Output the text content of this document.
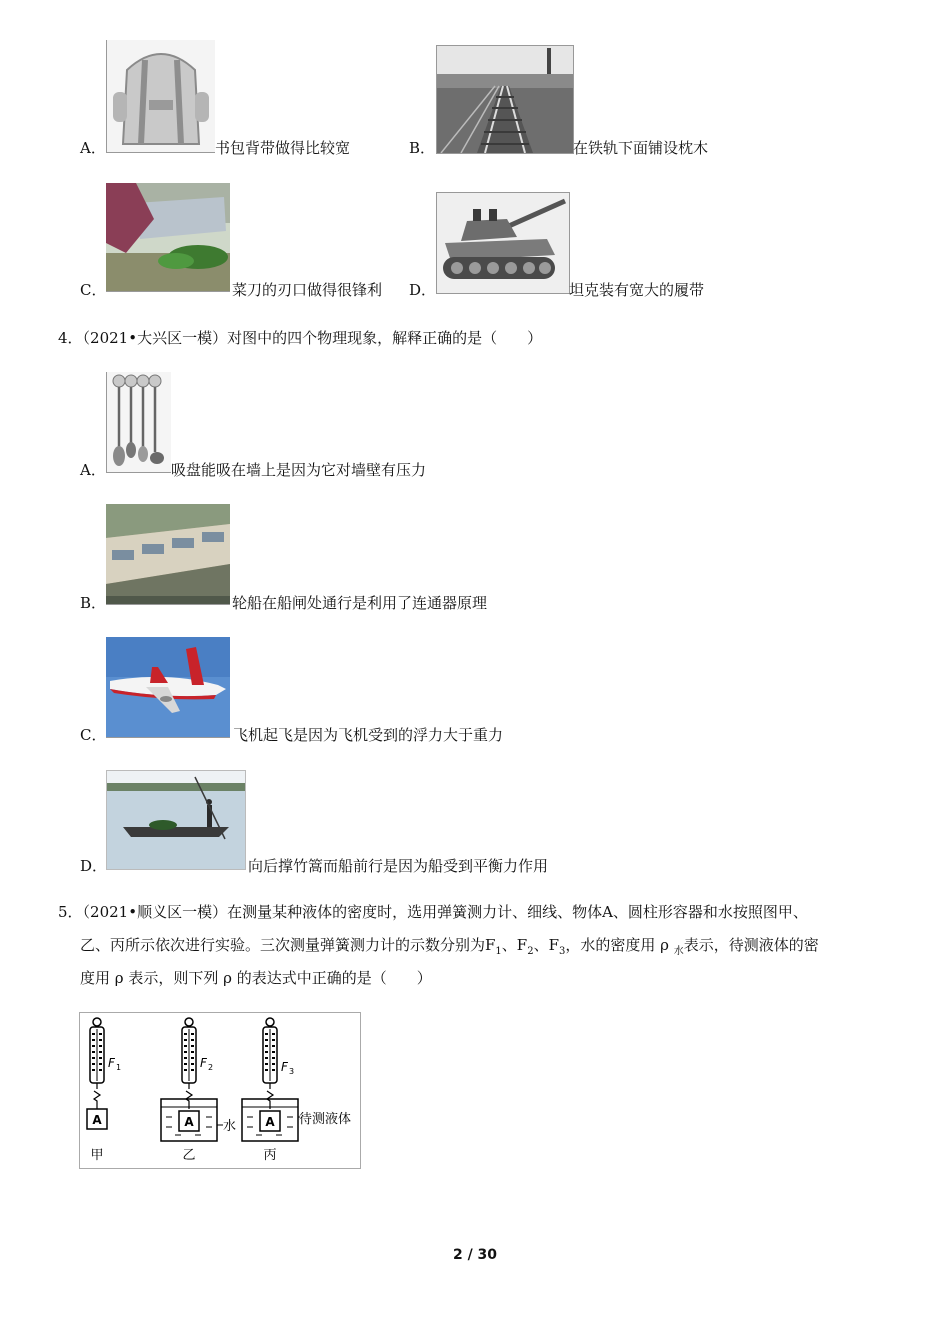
A．	书包背带做得比较宽	B．	在铁轨下面铺设枕木
C．	菜刀的刃口做得很锋利 D．	坦克装有宽大的履带
4．（2021•大兴区一模）对图中的四个物理现象，解释正确的是（　　）
A．	吸盘能吸在墙上是因为它对墙壁有压力
B．	轮船在船闸处通行是利用了连通器原理
C．	飞机起飞是因为飞机受到的浮力大于重力
D．	向后撑竹篙而船前行是因为船受到平衡力作用
5．（2021•顺义区一模）在测量某种液体的密度时，选用弹簧测力计、细线、物体A、圆柱形容器和水按照图甲、
乙、丙所示依次进行实验。三次测量弹簧测力计的示数分别为$F_1$、$F_2$、$F_3$，水的密度用 ρ $_水$表示，待测液体的密
度用 ρ 表示，则下列 ρ 的表达式中正确的是（　　）
A
F 1
甲
A
F 2
水
乙
A
F 3
待测液体
丙
2 / 30
